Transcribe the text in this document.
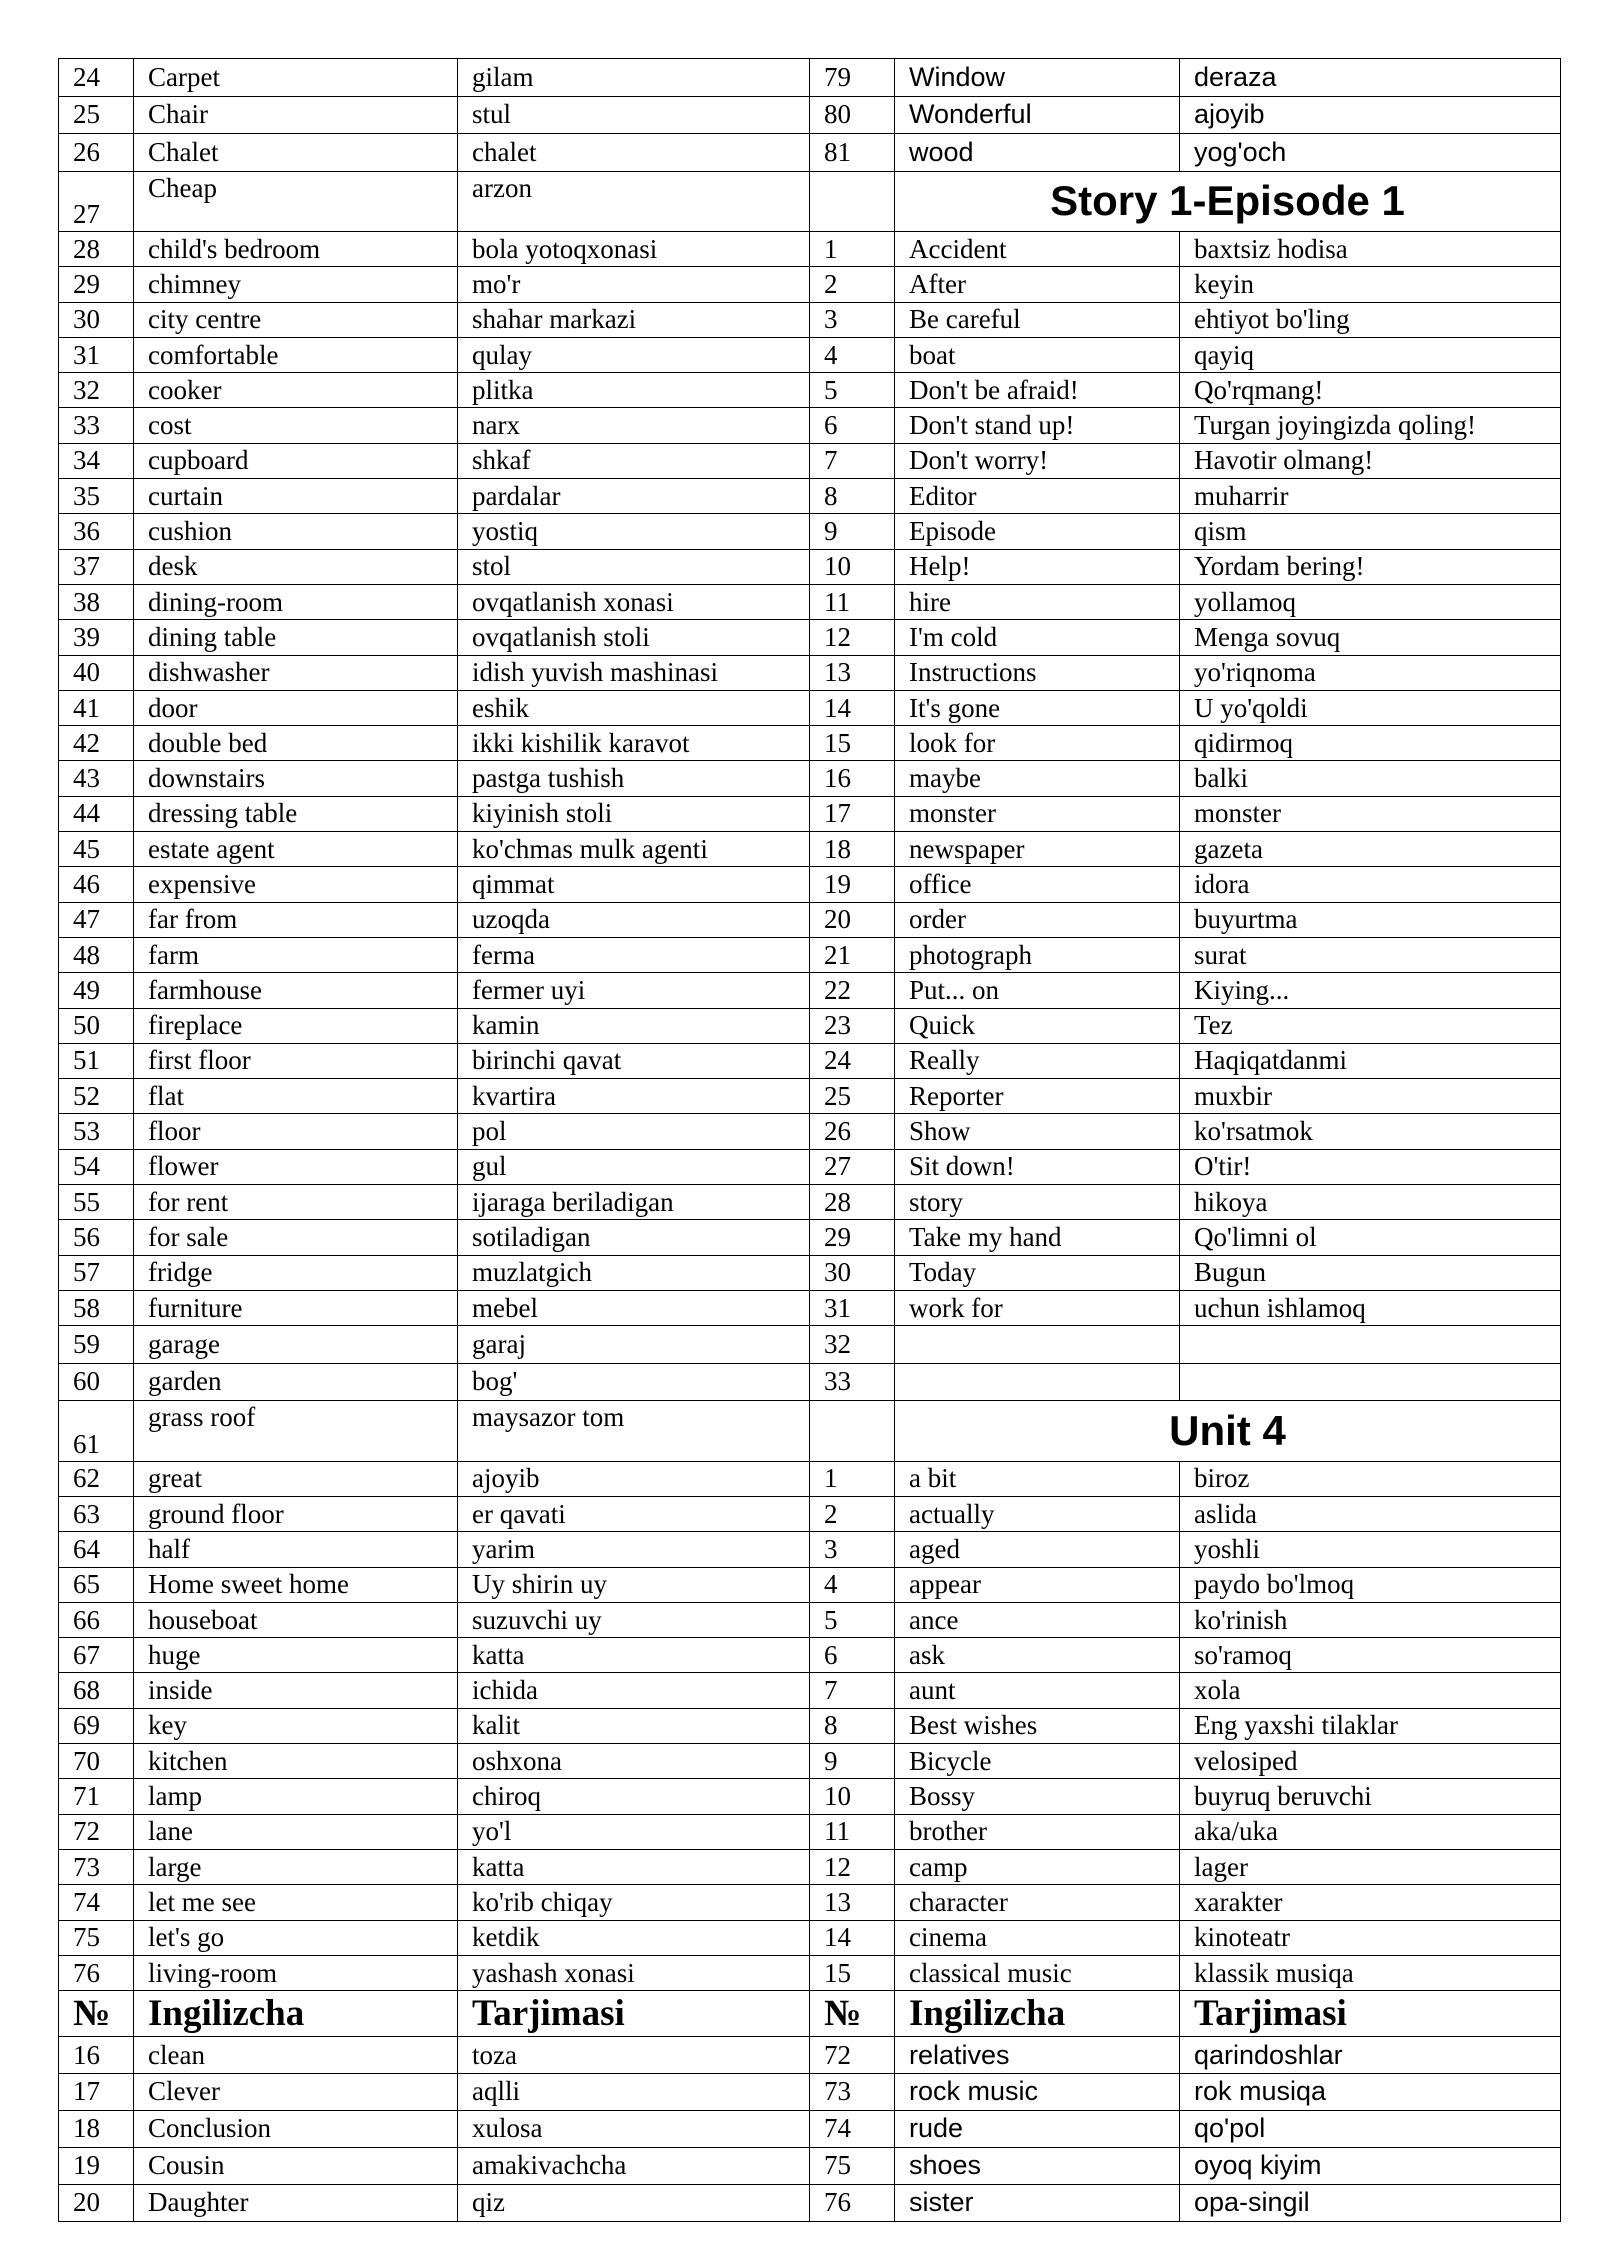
24	Carpet	gilam	79	Window	deraza
25	Chair	stul	80	Wonderful	ajoyib
26	Chalet	chalet	81	wood	yog'och
27	Cheap	arzon		Story 1-Episode 1	
28	child's bedroom	bola yotoqxonasi	1	Accident	baxtsiz hodisa
29	chimney	mo'r	2	After	keyin
30	city centre	shahar markazi	3	Be careful	ehtiyot bo'ling
31	comfortable	qulay	4	boat	qayiq
32	cooker	plitka	5	Don't be afraid!	Qo'rqmang!
33	cost	narx	6	Don't stand up!	Turgan joyingizda qoling!
34	cupboard	shkaf	7	Don't worry!	Havotir olmang!
35	curtain	pardalar	8	Editor	muharrir
36	cushion	yostiq	9	Episode	qism
37	desk	stol	10	Help!	Yordam bering!
38	dining-room	ovqatlanish xonasi	11	hire	yollamoq
39	dining table	ovqatlanish stoli	12	I'm cold	Menga sovuq
40	dishwasher	idish yuvish mashinasi	13	Instructions	yo'riqnoma
41	door	eshik	14	It's gone	U yo'qoldi
42	double bed	ikki kishilik karavot	15	look for	qidirmoq
43	downstairs	pastga tushish	16	maybe	balki
44	dressing table	kiyinish stoli	17	monster	monster
45	estate agent	ko'chmas mulk agenti	18	newspaper	gazeta
46	expensive	qimmat	19	office	idora
47	far from	uzoqda	20	order	buyurtma
48	farm	ferma	21	photograph	surat
49	farmhouse	fermer uyi	22	Put... on	Kiying...
50	fireplace	kamin	23	Quick	Tez
51	first floor	birinchi qavat	24	Really	Haqiqatdanmi
52	flat	kvartira	25	Reporter	muxbir
53	floor	pol	26	Show	ko'rsatmok
54	flower	gul	27	Sit down!	O'tir!
55	for rent	ijaraga beriladigan	28	story	hikoya
56	for sale	sotiladigan	29	Take my hand	Qo'limni ol
57	fridge	muzlatgich	30	Today	Bugun
58	furniture	mebel	31	work for	uchun ishlamoq
59	garage	garaj	32		
60	garden	bog'	33		
61	grass roof	maysazor tom		Unit 4	
62	great	ajoyib	1	a bit	biroz
63	ground floor	er qavati	2	actually	aslida
64	half	yarim	3	aged	yoshli
65	Home sweet home	Uy shirin uy	4	appear	paydo bo'lmoq
66	houseboat	suzuvchi uy	5	ance	ko'rinish
67	huge	katta	6	ask	so'ramoq
68	inside	ichida	7	aunt	xola
69	key	kalit	8	Best wishes	Eng yaxshi tilaklar
70	kitchen	oshxona	9	Bicycle	velosiped
71	lamp	chiroq	10	Bossy	buyruq beruvchi
72	lane	yo'l	11	brother	aka/uka
73	large	katta	12	camp	lager
74	let me see	ko'rib chiqay	13	character	xarakter
75	let's go	ketdik	14	cinema	kinoteatr
76	living-room	yashash xonasi	15	classical music	klassik musiqa
№	Ingilizcha	Tarjimasi	№	Ingilizcha	Tarjimasi
16	clean	toza	72	relatives	qarindoshlar
17	Clever	aqlli	73	rock music	rok musiqa
18	Conclusion	xulosa	74	rude	qo'pol
19	Cousin	amakivachcha	75	shoes	oyoq kiyim
20	Daughter	qiz	76	sister	opa-singil
